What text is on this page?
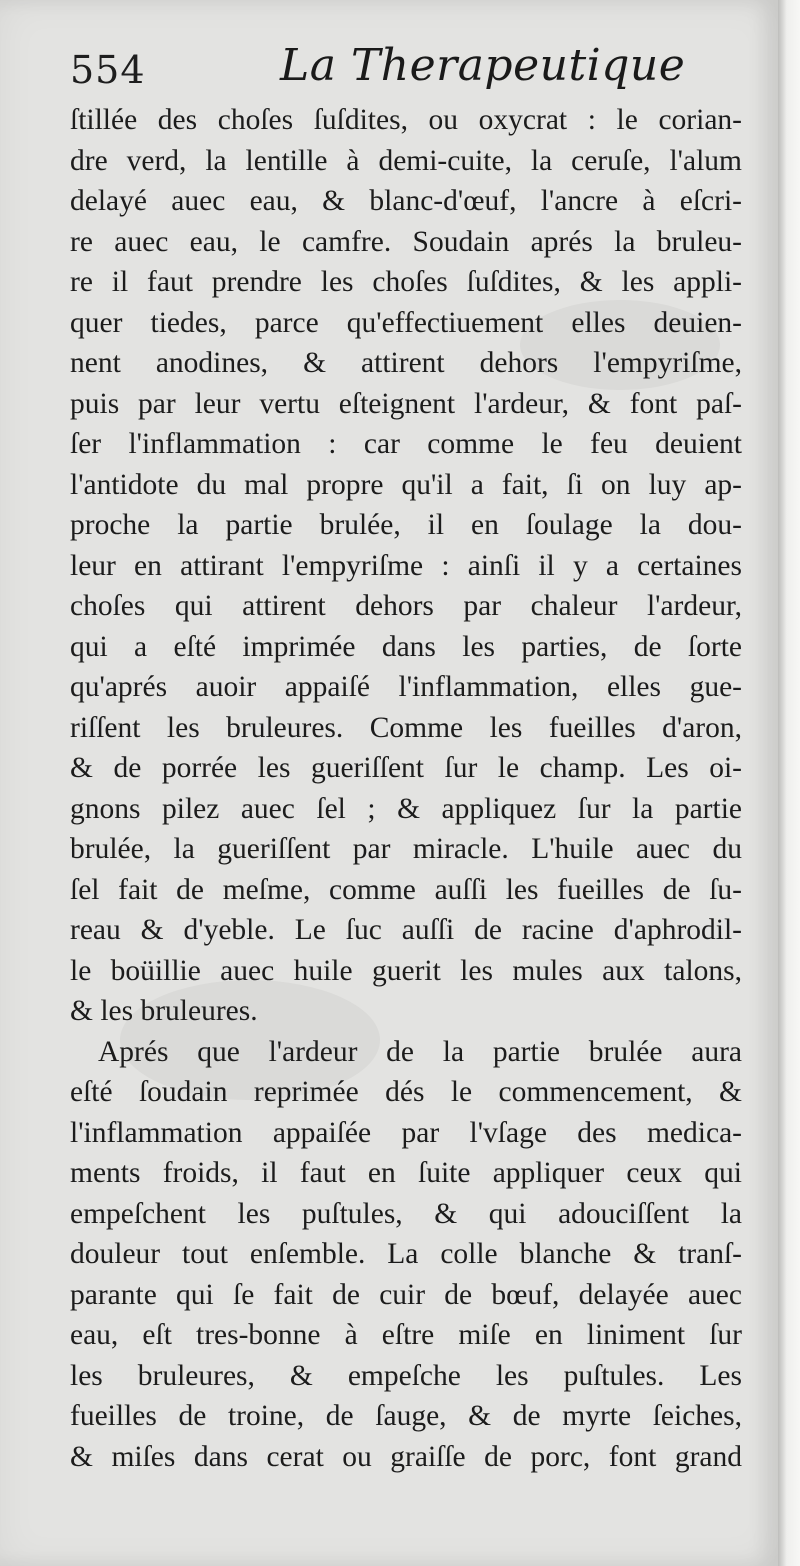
554	La Therapeutique
ſtillée des choſes ſuſdites, ou oxycrat : le corian-
dre verd, la lentille à demi-cuite, la ceruſe, l'alum
delayé auec eau, & blanc-d'œuf, l'ancre à eſcri-
re auec eau, le camfre. Soudain aprés la bruleu-
re il faut prendre les choſes ſuſdites, & les appli-
quer tiedes, parce qu'effectiuement elles deuien-
nent anodines, & attirent dehors l'empyriſme,
puis par leur vertu eſteignent l'ardeur, & font paſ-
ſer l'inflammation : car comme le feu deuient
l'antidote du mal propre qu'il a fait, ſi on luy ap-
proche la partie brulée, il en ſoulage la dou-
leur en attirant l'empyriſme : ainſi il y a certaines
choſes qui attirent dehors par chaleur l'ardeur,
qui a eſté imprimée dans les parties, de ſorte
qu'aprés auoir appaiſé l'inflammation, elles gue-
riſſent les bruleures. Comme les fueilles d'aron,
& de porrée les gueriſſent ſur le champ. Les oi-
gnons pilez auec ſel ; & appliquez ſur la partie
brulée, la gueriſſent par miracle. L'huile auec du
ſel fait de meſme, comme auſſi les fueilles de ſu-
reau & d'yeble. Le ſuc auſſi de racine d'aphrodil-
le boüillie auec huile guerit les mules aux talons,
& les bruleures.
Aprés que l'ardeur de la partie brulée aura
eſté ſoudain reprimée dés le commencement, &
l'inflammation appaiſée par l'vſage des medica-
ments froids, il faut en ſuite appliquer ceux qui
empeſchent les puſtules, & qui adouciſſent la
douleur tout enſemble. La colle blanche & tranſ-
parante qui ſe fait de cuir de bœuf, delayée auec
eau, eſt tres-bonne à eſtre miſe en liniment ſur
les bruleures, & empeſche les puſtules. Les
fueilles de troine, de ſauge, & de myrte ſeiches,
& miſes dans cerat ou graiſſe de porc, font grand
